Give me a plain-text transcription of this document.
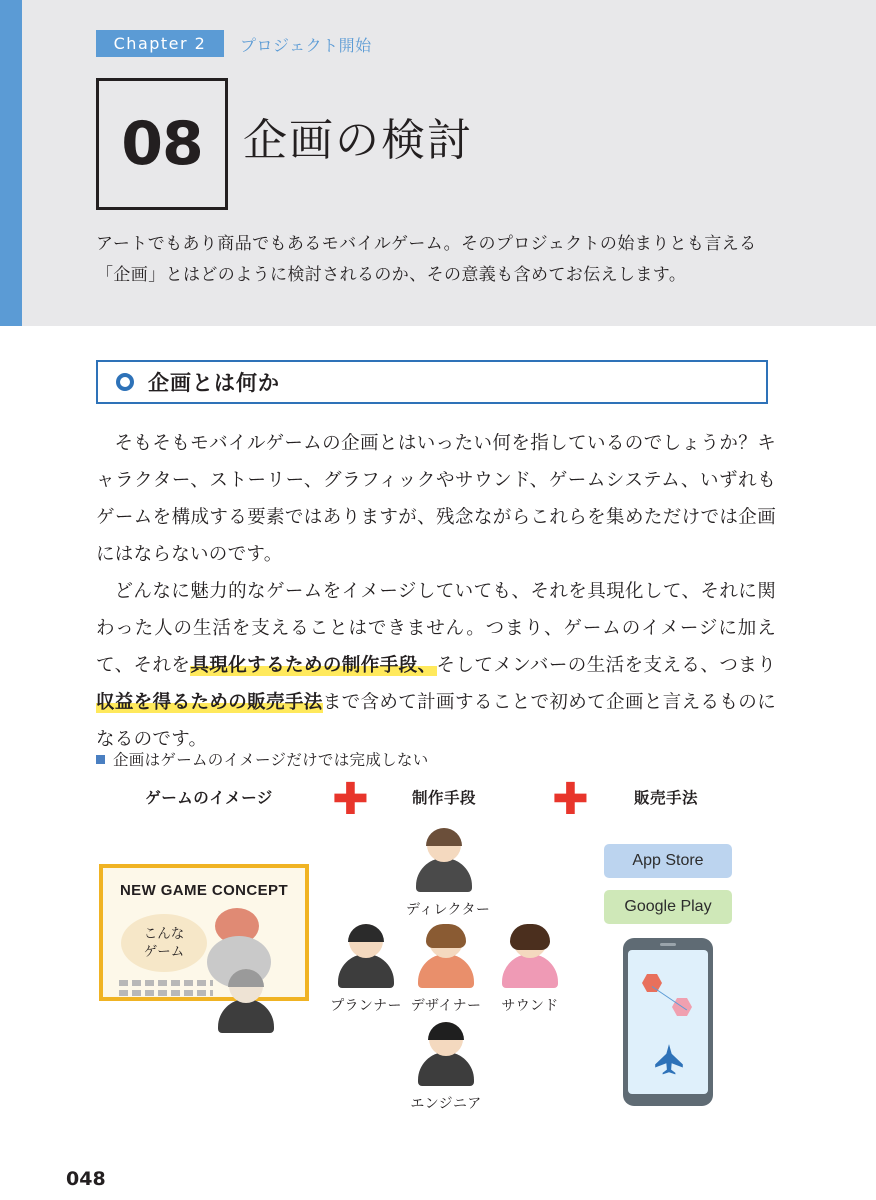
Chapter 2	プロジェクト開始
08 企画の検討
アートでもあり商品でもあるモバイルゲーム。そのプロジェクトの始まりとも言える「企画」とはどのように検討されるのか、その意義も含めてお伝えします。
企画とは何か

そもそもモバイルゲームの企画とはいったい何を指しているのでしょうか？キャラクター、ストーリー、グラフィックやサウンド、ゲームシステム、いずれもゲームを構成する要素ではありますが、残念ながらこれらを集めただけでは企画にはならないのです。

どんなに魅力的なゲームをイメージしていても、それを具現化して、それに関わった人の生活を支えることはできません。つまり、ゲームのイメージに加えて、それを具現化するための制作手段、そしてメンバーの生活を支える、つまり収益を得るための販売手法まで含めて計画することで初めて企画と言えるものになるのです。

企画はゲームのイメージだけでは完成しない
ゲームのイメージ	制作手段	販売手法
✚	✚
NEW GAME CONCEPT
こんな
ゲーム
ディレクター
プランナー デザイナー	サウンド
エンジニア
App Store
Google Play
048
